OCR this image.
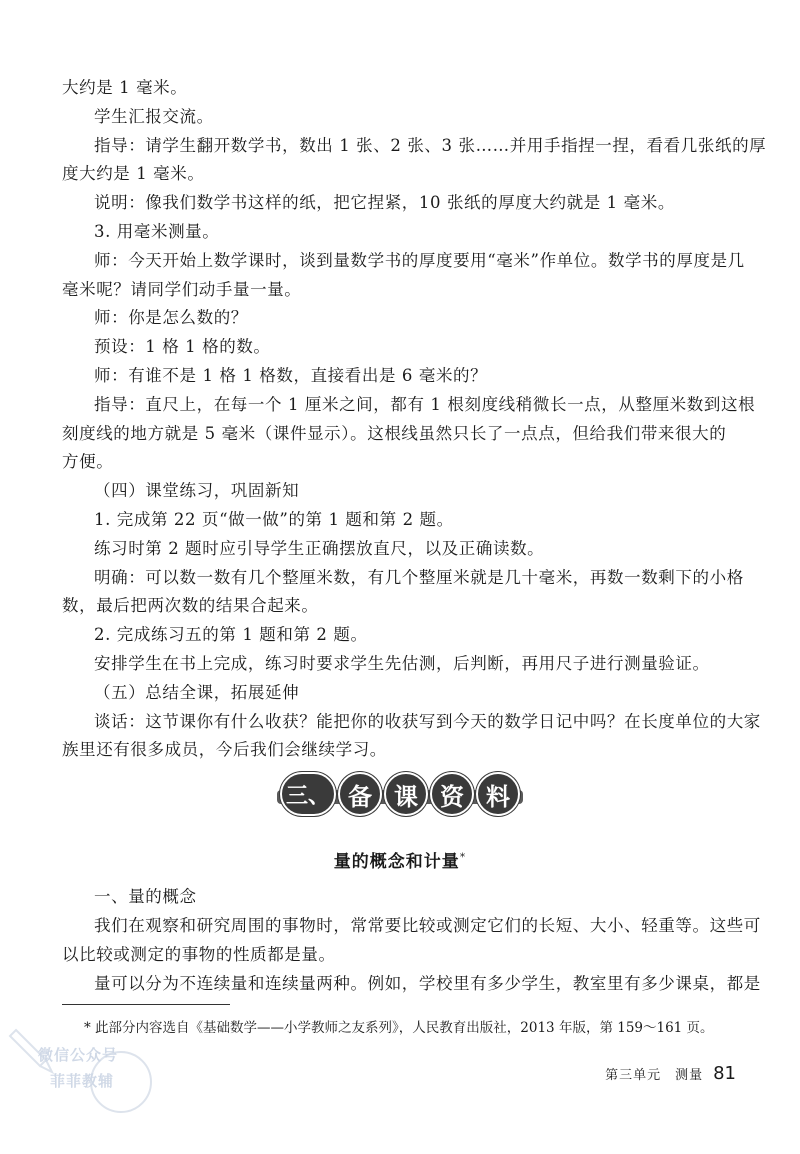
大约是 1 毫米。
学生汇报交流。
指导：请学生翻开数学书，数出 1 张、2 张、3 张……并用手指捏一捏，看看几张纸的厚
度大约是 1 毫米。
说明：像我们数学书这样的纸，把它捏紧，10 张纸的厚度大约就是 1 毫米。
3. 用毫米测量。
师：今天开始上数学课时，谈到量数学书的厚度要用“毫米”作单位。数学书的厚度是几
毫米呢？请同学们动手量一量。
师：你是怎么数的？
预设：1 格 1 格的数。
师：有谁不是 1 格 1 格数，直接看出是 6 毫米的？
指导：直尺上，在每一个 1 厘米之间，都有 1 根刻度线稍微长一点，从整厘米数到这根
刻度线的地方就是 5 毫米（课件显示）。这根线虽然只长了一点点，但给我们带来很大的
方便。
（四）课堂练习，巩固新知
1. 完成第 22 页“做一做”的第 1 题和第 2 题。
练习时第 2 题时应引导学生正确摆放直尺，以及正确读数。
明确：可以数一数有几个整厘米数，有几个整厘米就是几十毫米，再数一数剩下的小格
数，最后把两次数的结果合起来。
2. 完成练习五的第 1 题和第 2 题。
安排学生在书上完成，练习时要求学生先估测，后判断，再用尺子进行测量验证。
（五）总结全课，拓展延伸
谈话：这节课你有什么收获？能把你的收获写到今天的数学日记中吗？在长度单位的大家
族里还有很多成员，今后我们会继续学习。
三、 备 课 资 料
量的概念和计量*
一、量的概念
我们在观察和研究周围的事物时，常常要比较或测定它们的长短、大小、轻重等。这些可
以比较或测定的事物的性质都是量。
量可以分为不连续量和连续量两种。例如，学校里有多少学生，教室里有多少课桌，都是
* 此部分内容选自《基础数学——小学教师之友系列》，人民教育出版社，2013 年版，第 159～161 页。
微信公众号
菲菲教辅	第三单元　测量 81
